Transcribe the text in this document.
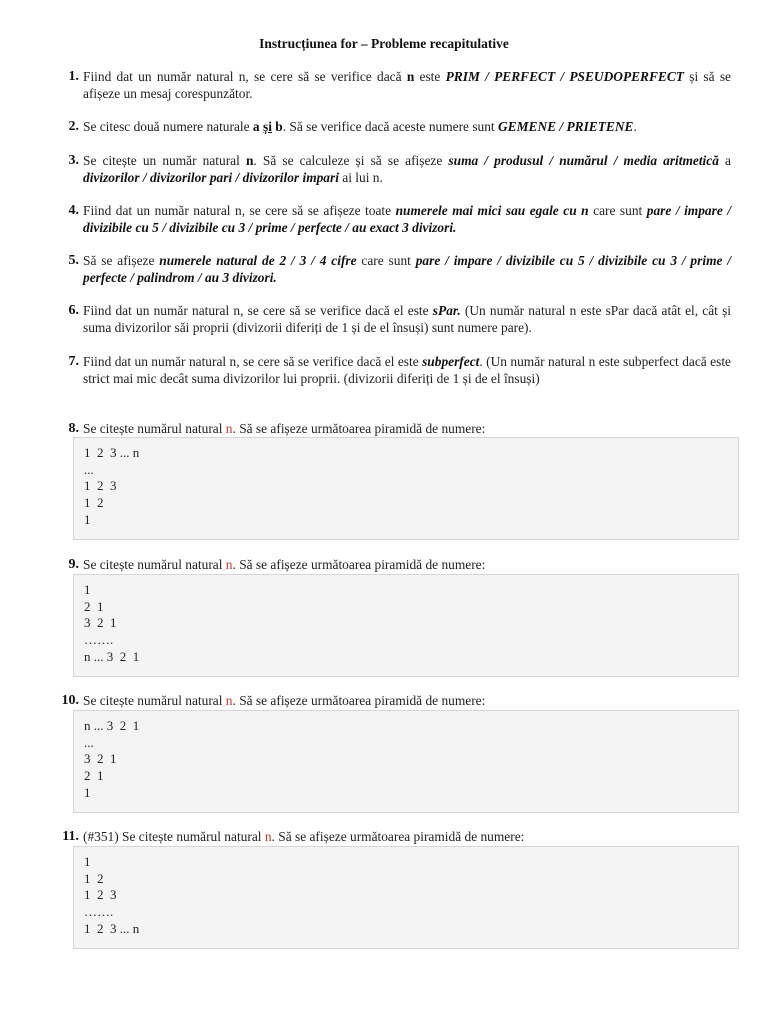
Instrucțiunea for – Probleme recapitulative
1. Fiind dat un număr natural n, se cere să se verifice dacă n este PRIM / PERFECT / PSEUDOPERFECT și să se afișeze un mesaj corespunzător.
2. Se citesc două numere naturale a și b. Să se verifice dacă aceste numere sunt GEMENE / PRIETENE.
3. Se citește un număr natural n. Să se calculeze și să se afișeze suma / produsul / numărul / media aritmetică a divizorilor / divizorilor pari / divizorilor impari ai lui n.
4. Fiind dat un număr natural n, se cere să se afișeze toate numerele mai mici sau egale cu n care sunt pare / impare / divizibile cu 5 / divizibile cu 3 / prime / perfecte / au exact 3 divizori.
5. Să se afișeze numerele natural de 2 / 3 / 4 cifre care sunt pare / impare / divizibile cu 5 / divizibile cu 3 / prime / perfecte / palindrom / au 3 divizori.
6. Fiind dat un număr natural n, se cere să se verifice dacă el este sPar. (Un număr natural n este sPar dacă atât el, cât și suma divizorilor săi proprii (divizorii diferiți de 1 și de el însuși) sunt numere pare).
7. Fiind dat un număr natural n, se cere să se verifice dacă el este subperfect. (Un număr natural n este subperfect dacă este strict mai mic decât suma divizorilor lui proprii. (divizorii diferiți de 1 și de el însuși)
8. Se citește numărul natural n. Să se afișeze următoarea piramidă de numere:
1  2  3 ... n
...
1  2  3
1  2
1
9. Se citește numărul natural n. Să se afișeze următoarea piramidă de numere:
1
2  1
3  2  1
…….
n ... 3  2  1
10. Se citește numărul natural n. Să se afișeze următoarea piramidă de numere:
n ... 3  2  1
...
3  2  1
2  1
1
11. (#351) Se citește numărul natural n. Să se afișeze următoarea piramidă de numere:
1
1  2
1  2  3
…….
1  2  3 ... n
